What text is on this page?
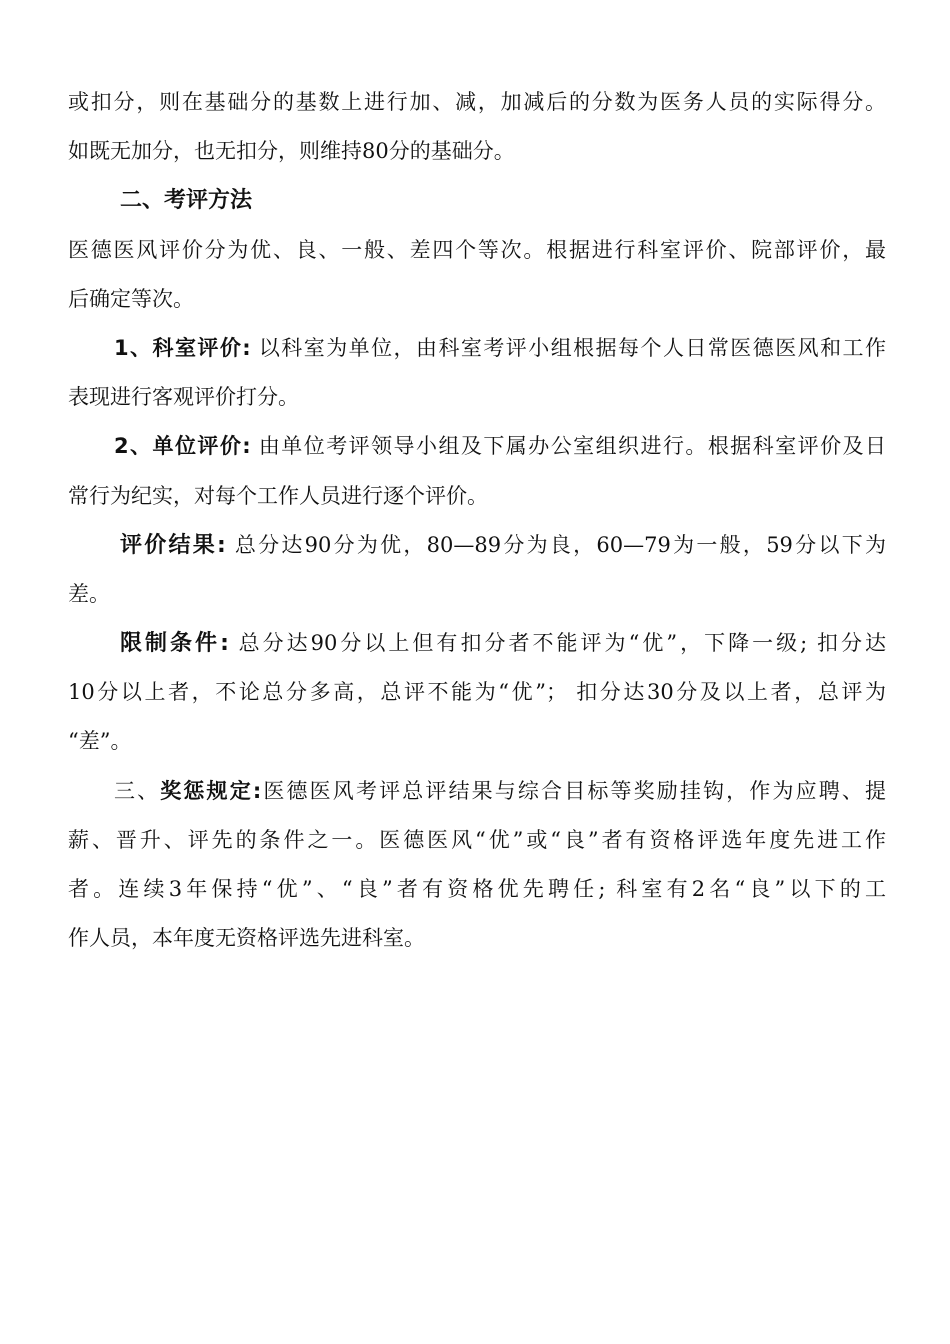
或扣分，则在基础分的基数上进行加、减，加减后的分数为医务人员的实际得分。
如既无加分，也无扣分，则维持80分的基础分。
二、考评方法
医德医风评价分为优、良、一般、差四个等次。根据进行科室评价、院部评价，最
后确定等次。
1、科室评价: 以科室为单位，由科室考评小组根据每个人日常医德医风和工作
表现进行客观评价打分。
2、单位评价: 由单位考评领导小组及下属办公室组织进行。根据科室评价及日
常行为纪实，对每个工作人员进行逐个评价。
评价结果: 总分达90分为优，80—89分为良，60—79为一般，59分以下为
差。
限制条件: 总分达90分以上但有扣分者不能评为“优”，下降一级; 扣分达
10分以上者，不论总分多高，总评不能为“优”； 扣分达30分及以上者，总评为
“差”。
三、奖惩规定:医德医风考评总评结果与综合目标等奖励挂钩，作为应聘、提
薪、晋升、评先的条件之一。医德医风“优”或“良”者有资格评选年度先进工作
者。连续3年保持“优”、“良”者有资格优先聘任; 科室有2名“良”以下的工
作人员，本年度无资格评选先进科室。
